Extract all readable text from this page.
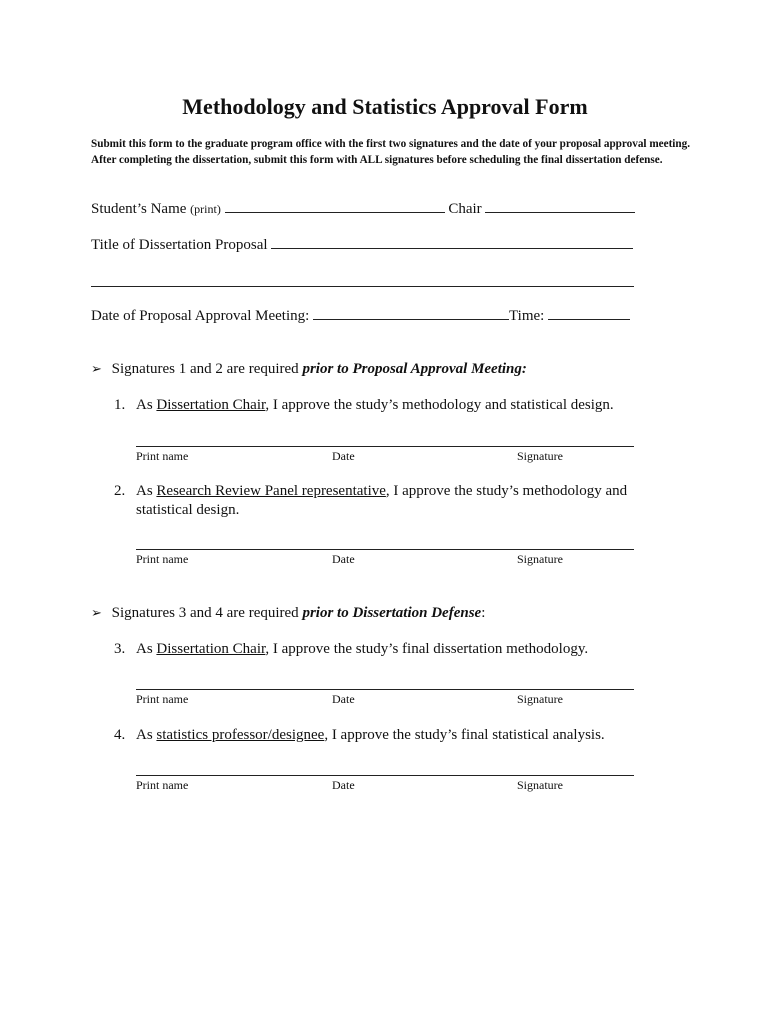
Methodology and Statistics Approval Form

Submit this form to the graduate program office with the first two signatures and the date of your proposal approval meeting. After completing the dissertation, submit this form with ALL signatures before scheduling the final dissertation defense.

Student’s Name (print)	Chair
Title of Dissertation Proposal
Date of Proposal Approval Meeting:	Time:
➢ Signatures 1 and 2 are required prior to Proposal Approval Meeting:
1. As Dissertation Chair, I approve the study’s methodology and statistical design.
Print name	Date	Signature
2. As Research Review Panel representative, I approve the study’s methodology and
statistical design.
Print name	Date	Signature
➢ Signatures 3 and 4 are required prior to Dissertation Defense:
3. As Dissertation Chair, I approve the study’s final dissertation methodology.
Print name	Date	Signature
4. As statistics professor/designee, I approve the study’s final statistical analysis.
Print name	Date	Signature
